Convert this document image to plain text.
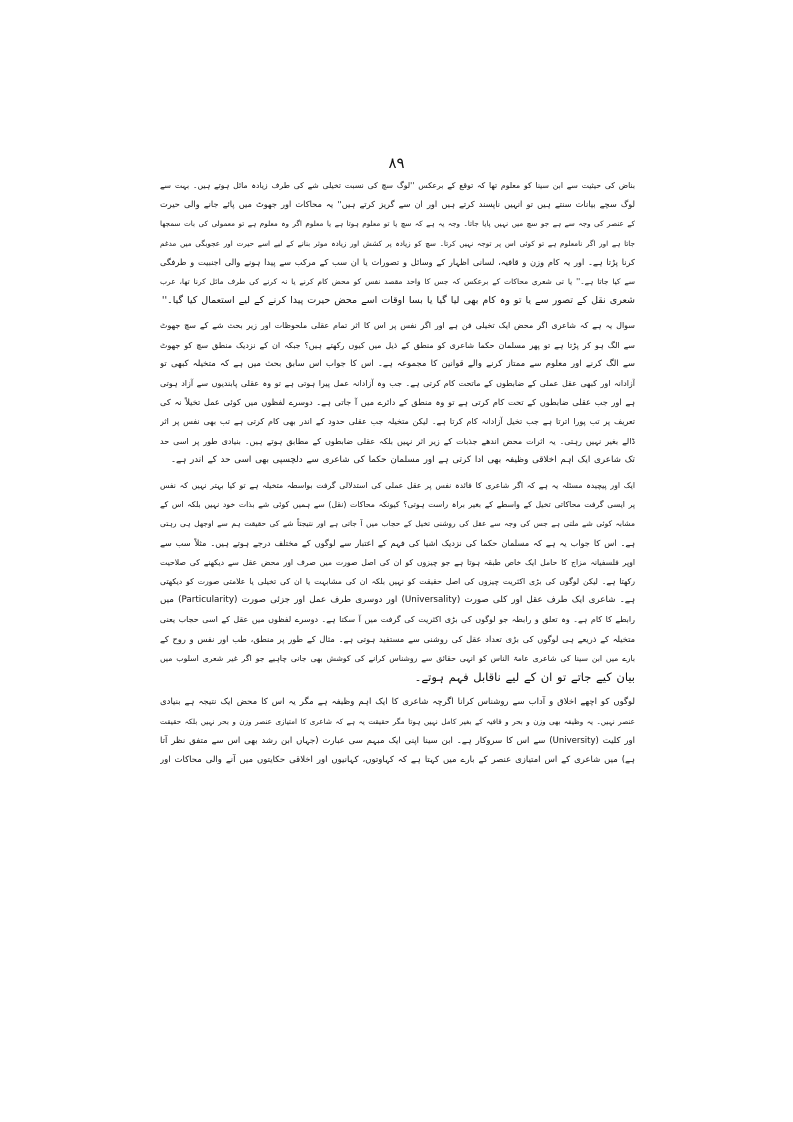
٨٩
بناض کی حیثیت سے ابن سینا کو معلوم تھا کہ توقع کے برعکس ''لوگ سچ کی نسبت تخیلی شے کی طرف زیادہ مائل ہوتے ہیں۔ بہت سے
لوگ سچے بیانات سنتے ہیں تو انہیں ناپسند کرتے ہیں اور ان سے گریز کرتے ہیں'' یہ محاکات اور جھوٹ میں پائے جانے والی حیرت
کے عنصر کی وجہ سے ہے جو سچ میں نہیں پایا جاتا۔ وجہ یہ ہے کہ سچ یا تو معلوم ہوتا ہے یا معلوم اگر وہ معلوم ہے تو معمولی کی بات سمجھا
جاتا ہے اور اگر نامعلوم ہے تو کوئی اس پر توجہ نہیں کرتا۔ سچ کو زیادہ پر کشش اور زیادہ موثر بنانے کے لیے اسے حیرت اور عجوبگی میں مدغم
کرنا پڑتا ہے۔ اور یہ کام وزن و قافیہ، لسانی اظہار کے وسائل و تصورات یا ان سب کے مرکب سے پیدا ہونے والی اجنبیت و طرفگی
سے کیا جاتا ہے۔'' یا تی شعری محاکات کے برعکس کہ جس کا واحد مقصد نفس کو محض کام کرنے یا نہ کرنے کی طرف مائل کرنا تھا، عرب
شعری نقل کے تصور سے یا تو وہ کام بھی لیا گیا یا بسا اوقات اسے محض حیرت پیدا کرنے کے لیے استعمال کیا گیا۔''
سوال یہ ہے کہ شاعری اگر محض ایک تخیلی فن ہے اور اگر نفس پر اس کا اثر تمام عقلی ملحوظات اور زیر بحث شے کے سچ جھوٹ
سے الگ ہو کر پڑتا ہے تو پھر مسلمان حکما شاعری کو منطق کے ذیل میں کیوں رکھتے ہیں؟ جبکہ ان کے نزدیک منطق سچ کو جھوٹ
سے الگ کرنے اور معلوم سے ممتاز کرنے والے قوانین کا مجموعہ ہے۔ اس کا جواب اس سابق بحث میں ہے کہ متخیلہ کبھی تو
آزادانہ اور کبھی عقل عملی کے ضابطوں کے ماتحت کام کرتی ہے۔ جب وہ آزادانہ عمل پیرا ہوتی ہے تو وہ عقلی پابندیوں سے آزاد ہوتی
ہے اور جب عقلی ضابطوں کے تحت کام کرتی ہے تو وہ منطق کے دائرے میں آ جاتی ہے۔ دوسرے لفظوں میں کوئی عمل تخیلاً نہ کی
تعریف پر تب پورا اترتا ہے جب تخیل آزادانہ کام کرتا ہے۔ لیکن متخیلہ جب عقلی حدود کے اندر بھی کام کرتی ہے تب بھی نفس پر اثر
ڈالے بغیر نہیں رہتی۔ یہ اثرات محض اندھے جذبات کے زیر اثر نہیں بلکہ عقلی ضابطوں کے مطابق ہوتے ہیں۔ بنیادی طور پر اسی حد
تک شاعری ایک اہم اخلاقی وظیفہ بھی ادا کرتی ہے اور مسلمان حکما کی شاعری سے دلچسپی بھی اسی حد کے اندر ہے۔
ایک اور پیچیدہ مسئلہ یہ ہے کہ اگر شاعری کا فائدہ نفس پر عقل عملی کی استدلالی گرفت بواسطہ متخیلہ ہے تو کیا بہتر نہیں کہ نفس
پر ایسی گرفت محاکاتی تخیل کے واسطے کے بغیر براہ راست ہوتی؟ کیونکہ محاکات (نقل) سے ہمیں کوئی شے بذات خود نہیں بلکہ اس کے
مشابہ کوئی شے ملتی ہے جس کی وجہ سے عقل کی روشنی تخیل کے حجاب میں آ جاتی ہے اور نتیجتاً شے کی حقیقت ہم سے اوجھل ہی رہتی
ہے۔ اس کا جواب یہ ہے کہ مسلمان حکما کی نزدیک اشیا کی فہم کے اعتبار سے لوگوں کے مختلف درجے ہوتے ہیں۔ مثلاً سب سے
اوپر فلسفیانہ مزاج کا حامل ایک خاص طبقہ ہوتا ہے جو چیزوں کو ان کی اصل صورت میں صرف اور محض عقل سے دیکھنے کی صلاحیت
رکھتا ہے۔ لیکن لوگوں کی بڑی اکثریت چیزوں کی اصل حقیقت کو نہیں بلکہ ان کی مشابہت یا ان کی تخیلی یا علامتی صورت کو دیکھتی
ہے۔ شاعری ایک طرف عقل اور کلی صورت (Universality) اور دوسری طرف عمل اور جزئی صورت (Particularity) میں
رابطے کا کام ہے۔ وہ تعلق و رابطہ جو لوگوں کی بڑی اکثریت کی گرفت میں آ سکتا ہے۔ دوسرے لفظوں میں عقل کے اسی حجاب یعنی
متخیلہ کے ذریعے ہی لوگوں کی بڑی تعداد عقل کی روشنی سے مستفید ہوتی ہے۔ مثال کے طور پر منطق، طب اور نفس و روح کے
بارے میں ابن سینا کی شاعری عامۃ الناس کو انہی حقائق سے روشناس کرانے کی کوشش بھی جانی چاہیے جو اگر غیر شعری اسلوب میں
بیان کیے جاتے تو ان کے لیے ناقابل فہم ہوتے۔
لوگوں کو اچھے اخلاق و آداب سے روشناس کرانا اگرچہ شاعری کا ایک اہم وظیفہ ہے مگر یہ اس کا محض ایک نتیجہ ہے بنیادی
عنصر نہیں۔ یہ وظیفہ بھی وزن و بحر و قافیہ کے بغیر کامل نہیں ہوتا مگر حقیقت یہ ہے کہ شاعری کا امتیازی عنصر وزن و بحر نہیں بلکہ حقیقت
اور کلیت (University) سے اس کا سروکار ہے۔ ابن سینا اپنی ایک مبہم سی عبارت (جہاں ابن رشد بھی اس سے متفق نظر آتا
ہے) میں شاعری کے اس امتیازی عنصر کے بارے میں کہتا ہے کہ کہاوتوں، کہانیوں اور اخلاقی حکایتوں میں آنے والی محاکات اور
